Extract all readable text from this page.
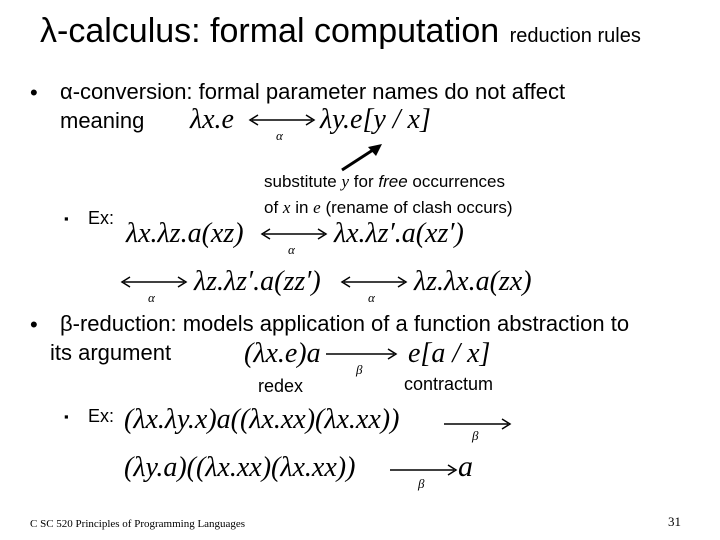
λ-calculus: formal computation reduction rules
• α-conversion: formal parameter names do not affect
meaning λx.e
α
λy.e[y / x]
substitute y for free occurrences
of x in e (rename of clash occurs)
▪ Ex: λx.λz.a(xz)
α
λx.λz′.a(xz′)
α
λz.λz′.a(zz′)
α
λz.λx.a(zx)
• β-reduction: models application of a function abstraction to
its argument	(λx.e)a
β
e[a / x]
redex	contractum
▪ Ex: (λx.λy.x)a((λx.xx)(λx.xx))
β
(λy.a)((λx.xx)(λx.xx))
β
a
C SC 520 Principles of Programming Languages	31
